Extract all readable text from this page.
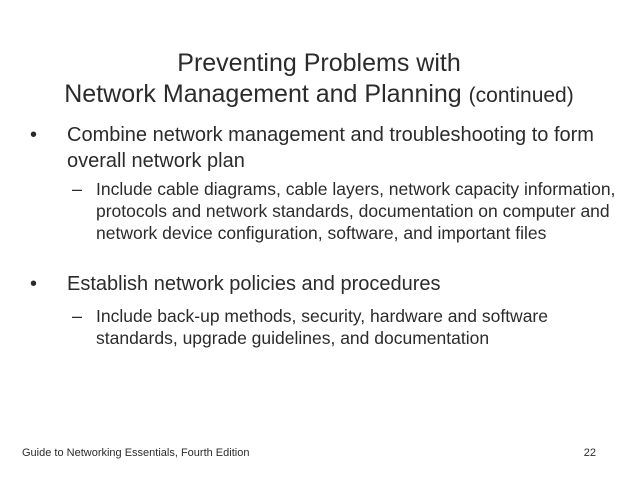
Preventing Problems with
Network Management and Planning (continued)
• Combine network management and troubleshooting to form overall network plan
– Include cable diagrams, cable layers, network capacity information, protocols and network standards, documentation on computer and network device configuration, software, and important files
• Establish network policies and procedures
– Include back-up methods, security, hardware and software standards, upgrade guidelines, and documentation
Guide to Networking Essentials, Fourth Edition	22
